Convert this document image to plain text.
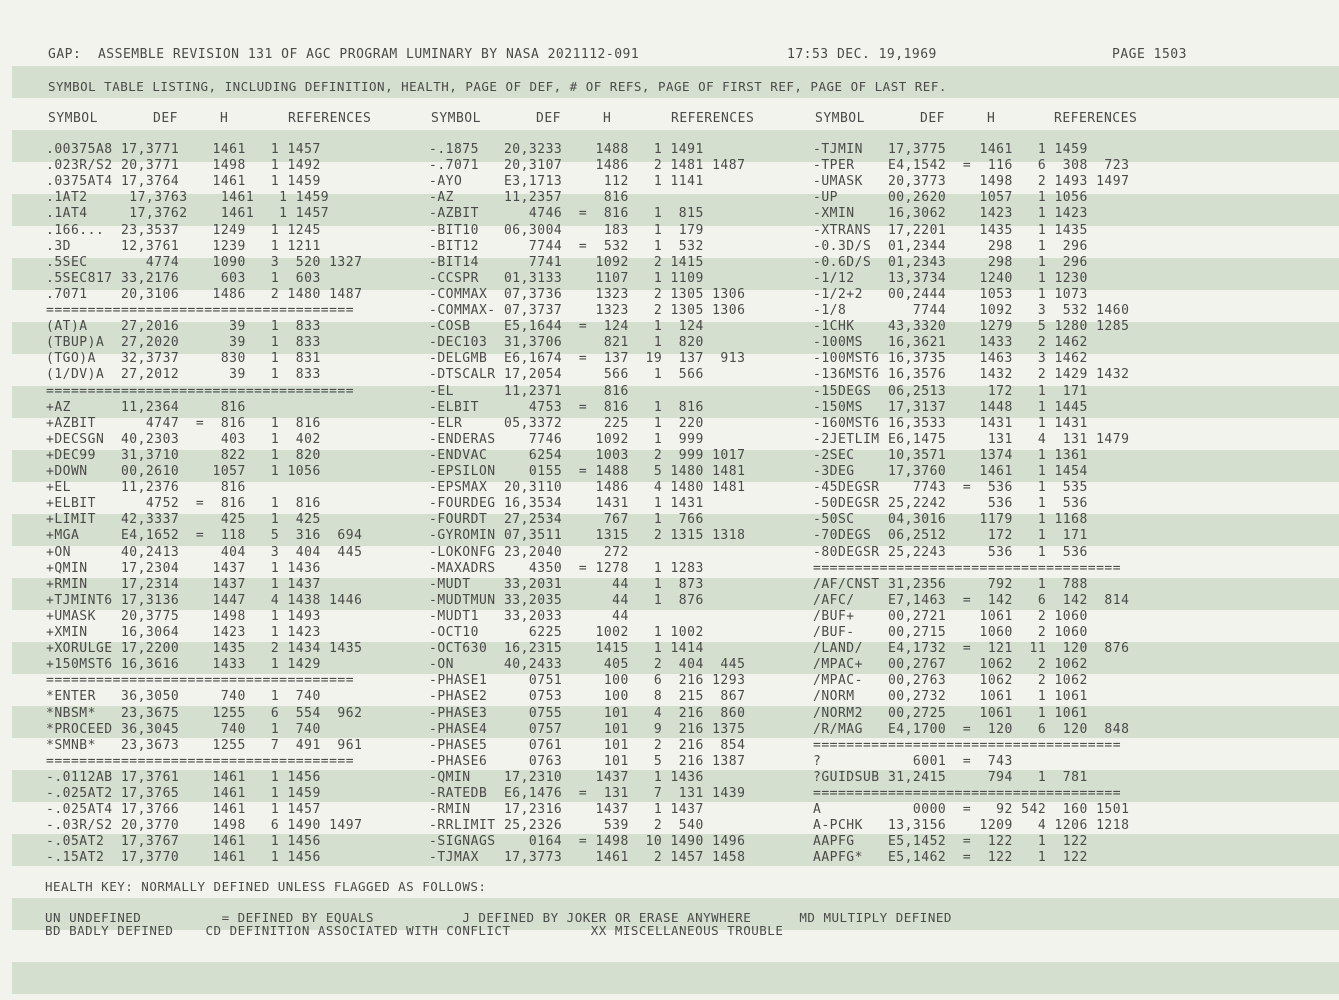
GAP:  ASSEMBLE REVISION 131 OF AGC PROGRAM LUMINARY BY NASA 2021112-091	17:53 DEC. 19,1969	PAGE 1503
SYMBOL TABLE LISTING, INCLUDING DEFINITION, HEALTH, PAGE OF DEF, # OF REFS, PAGE OF FIRST REF, PAGE OF LAST REF.
SYMBOL	DEF	H	REFERENCES	SYMBOL	DEF	H	REFERENCES	SYMBOL	DEF	H	REFERENCES
.00375A8 17,3771    1461   1 1457
.023R/S2 20,3771    1498   1 1492
.0375AT4 17,3764    1461   1 1459
.1AT2     17,3763    1461   1 1459
.1AT4     17,3762    1461   1 1457
.166...  23,3537    1249   1 1245
.3D      12,3761    1239   1 1211
.5SEC       4774    1090   3  520 1327
.5SEC817 33,2176     603   1  603
.7071    20,3106    1486   2 1480 1487
=====================================
(AT)A    27,2016      39   1  833
(TBUP)A  27,2020      39   1  833
(TGO)A   32,3737     830   1  831
(1/DV)A  27,2012      39   1  833
=====================================
+AZ      11,2364     816
+AZBIT      4747  =  816   1  816
+DECSGN  40,2303     403   1  402
+DEC99   31,3710     822   1  820
+DOWN    00,2610    1057   1 1056
+EL      11,2376     816
+ELBIT      4752  =  816   1  816
+LIMIT   42,3337     425   1  425
+MGA     E4,1652  =  118   5  316  694
+ON      40,2413     404   3  404  445
+QMIN    17,2304    1437   1 1436
+RMIN    17,2314    1437   1 1437
+TJMINT6 17,3136    1447   4 1438 1446
+UMASK   20,3775    1498   1 1493
+XMIN    16,3064    1423   1 1423
+XORULGE 17,2200    1435   2 1434 1435
+150MST6 16,3616    1433   1 1429
=====================================
*ENTER   36,3050     740   1  740
*NBSM*   23,3675    1255   6  554  962
*PROCEED 36,3045     740   1  740
*SMNB*   23,3673    1255   7  491  961
=====================================
-.0112AB 17,3761    1461   1 1456
-.025AT2 17,3765    1461   1 1459
-.025AT4 17,3766    1461   1 1457
-.03R/S2 20,3770    1498   6 1490 1497
-.05AT2  17,3767    1461   1 1456
-.15AT2  17,3770    1461   1 1456
-.1875   20,3233    1488   1 1491
-.7071   20,3107    1486   2 1481 1487
-AYO     E3,1713     112   1 1141
-AZ      11,2357     816
-AZBIT      4746  =  816   1  815
-BIT10   06,3004     183   1  179
-BIT12      7744  =  532   1  532
-BIT14      7741    1092   2 1415
-CCSPR   01,3133    1107   1 1109
-COMMAX  07,3736    1323   2 1305 1306
-COMMAX- 07,3737    1323   2 1305 1306
-COSB    E5,1644  =  124   1  124
-DEC103  31,3706     821   1  820
-DELGMB  E6,1674  =  137  19  137  913
-DTSCALR 17,2054     566   1  566
-EL      11,2371     816
-ELBIT      4753  =  816   1  816
-ELR     05,3372     225   1  220
-ENDERAS    7746    1092   1  999
-ENDVAC     6254    1003   2  999 1017
-EPSILON    0155  = 1488   5 1480 1481
-EPSMAX  20,3110    1486   4 1480 1481
-FOURDEG 16,3534    1431   1 1431
-FOURDT  27,2534     767   1  766
-GYROMIN 07,3511    1315   2 1315 1318
-LOKONFG 23,2040     272
-MAXADRS    4350  = 1278   1 1283
-MUDT    33,2031      44   1  873
-MUDTMUN 33,2035      44   1  876
-MUDT1   33,2033      44
-OCT10      6225    1002   1 1002
-OCT630  16,2315    1415   1 1414
-ON      40,2433     405   2  404  445
-PHASE1     0751     100   6  216 1293
-PHASE2     0753     100   8  215  867
-PHASE3     0755     101   4  216  860
-PHASE4     0757     101   9  216 1375
-PHASE5     0761     101   2  216  854
-PHASE6     0763     101   5  216 1387
-QMIN    17,2310    1437   1 1436
-RATEDB  E6,1476  =  131   7  131 1439
-RMIN    17,2316    1437   1 1437
-RRLIMIT 25,2326     539   2  540
-SIGNAGS    0164  = 1498  10 1490 1496
-TJMAX   17,3773    1461   2 1457 1458
-TJMIN   17,3775    1461   1 1459
-TPER    E4,1542  =  116   6  308  723
-UMASK   20,3773    1498   2 1493 1497
-UP      00,2620    1057   1 1056
-XMIN    16,3062    1423   1 1423
-XTRANS  17,2201    1435   1 1435
-0.3D/S  01,2344     298   1  296
-0.6D/S  01,2343     298   1  296
-1/12    13,3734    1240   1 1230
-1/2+2   00,2444    1053   1 1073
-1/8        7744    1092   3  532 1460
-1CHK    43,3320    1279   5 1280 1285
-100MS   16,3621    1433   2 1462
-100MST6 16,3735    1463   3 1462
-136MST6 16,3576    1432   2 1429 1432
-15DEGS  06,2513     172   1  171
-150MS   17,3137    1448   1 1445
-160MST6 16,3533    1431   1 1431
-2JETLIM E6,1475     131   4  131 1479
-2SEC    10,3571    1374   1 1361
-3DEG    17,3760    1461   1 1454
-45DEGSR    7743  =  536   1  535
-50DEGSR 25,2242     536   1  536
-50SC    04,3016    1179   1 1168
-70DEGS  06,2512     172   1  171
-80DEGSR 25,2243     536   1  536
=====================================
/AF/CNST 31,2356     792   1  788
/AFC/    E7,1463  =  142   6  142  814
/BUF+    00,2721    1061   2 1060
/BUF-    00,2715    1060   2 1060
/LAND/   E4,1732  =  121  11  120  876
/MPAC+   00,2767    1062   2 1062
/MPAC-   00,2763    1062   2 1062
/NORM    00,2732    1061   1 1061
/NORM2   00,2725    1061   1 1061
/R/MAG   E4,1700  =  120   6  120  848
=====================================
?           6001  =  743
?GUIDSUB 31,2415     794   1  781
=====================================
A           0000  =   92 542  160 1501
A-PCHK   13,3156    1209   4 1206 1218
AAPFG    E5,1452  =  122   1  122
AAPFG*   E5,1462  =  122   1  122
HEALTH KEY: NORMALLY DEFINED UNLESS FLAGGED AS FOLLOWS:
UN UNDEFINED          = DEFINED BY EQUALS           J DEFINED BY JOKER OR ERASE ANYWHERE      MD MULTIPLY DEFINED
BD BADLY DEFINED    CD DEFINITION ASSOCIATED WITH CONFLICT          XX MISCELLANEOUS TROUBLE
